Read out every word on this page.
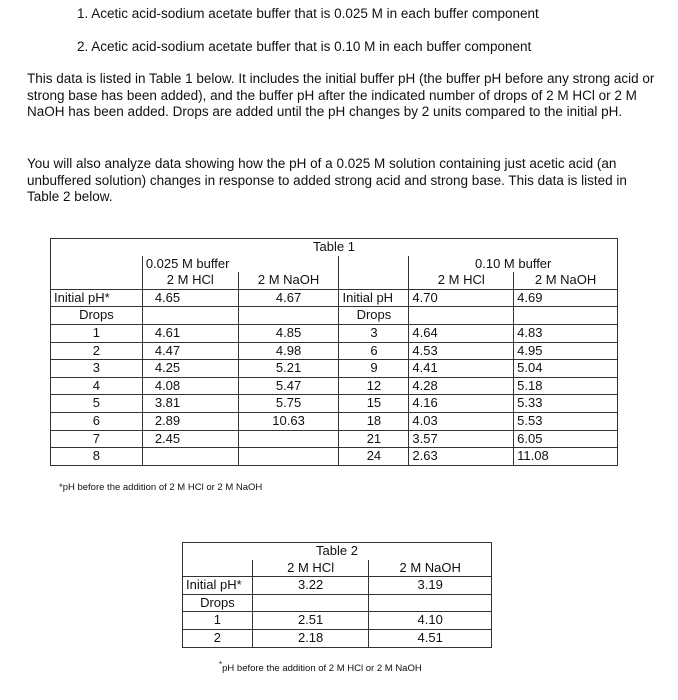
1. Acetic acid-sodium acetate buffer that is 0.025 M in each buffer component
2. Acetic acid-sodium acetate buffer that is 0.10 M in each buffer component
This data is listed in Table 1 below. It includes the initial buffer pH (the buffer pH before any strong acid or strong base has been added), and the buffer pH after the indicated number of drops of 2 M HCl or 2 M NaOH has been added. Drops are added until the pH changes by 2 units compared to the initial pH.
You will also analyze data showing how the pH of a 0.025 M solution containing just acetic acid (an unbuffered solution) changes in response to added strong acid and strong base. This data is listed in Table 2 below.
Table 1					
	0.025 M buffer			0.10 M buffer	
	2 M HCl	2 M NaOH		2 M HCl	2 M NaOH
Initial pH*	4.65	4.67	Initial pH	4.70	4.69
Drops			Drops		
1	4.61	4.85	3	4.64	4.83
2	4.47	4.98	6	4.53	4.95
3	4.25	5.21	9	4.41	5.04
4	4.08	5.47	12	4.28	5.18
5	3.81	5.75	15	4.16	5.33
6	2.89	10.63	18	4.03	5.53
7	2.45		21	3.57	6.05
8			24	2.63	11.08
*pH before the addition of 2 M HCl or 2 M NaOH
Table 2		
	2 M HCl	2 M NaOH
Initial pH*	3.22	3.19
Drops		
1	2.51	4.10
2	2.18	4.51
*pH before the addition of 2 M HCl or 2 M NaOH
